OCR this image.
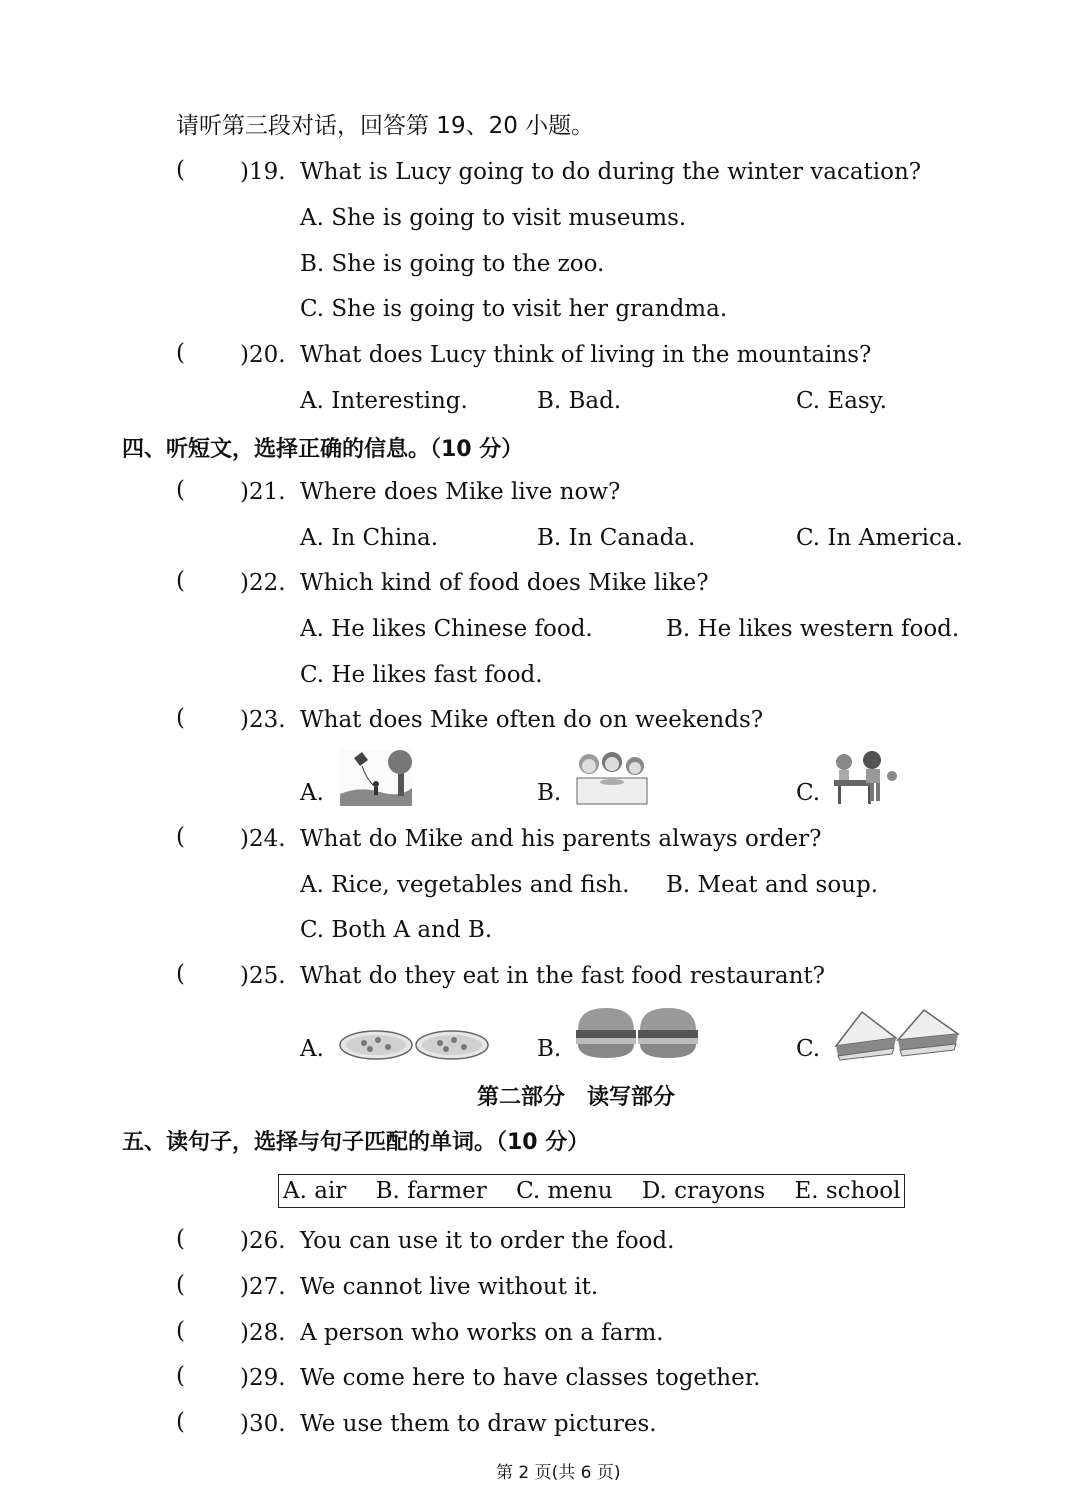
请听第三段对话，回答第 19、20 小题。
( )19. What is Lucy going to do during the winter vacation?
A. She is going to visit museums.
B. She is going to the zoo.
C. She is going to visit her grandma.
( )20. What does Lucy think of living in the mountains?
A. Interesting.	B. Bad.	C. Easy.
四、听短文，选择正确的信息。（10 分）
( )21. Where does Mike live now?
A. In China.	B. In Canada.	C. In America.
( )22. Which kind of food does Mike like?
A. He likes Chinese food.	B. He likes western food.
C. He likes fast food.
( )23. What does Mike often do on weekends?
A.	B.	C.
( )24. What do Mike and his parents always order?
A. Rice, vegetables and fish. B. Meat and soup.
C. Both A and B.
( )25. What do they eat in the fast food restaurant?
A.	B.	C.
第二部分　读写部分
五、读句子，选择与句子匹配的单词。（10 分）
A. air B. farmer C. menu D. crayons E. school
( )26. You can use it to order the food.
( )27. We cannot live without it.
( )28. A person who works on a farm.
( )29. We come here to have classes together.
( )30. We use them to draw pictures.
第 2 页(共 6 页)
